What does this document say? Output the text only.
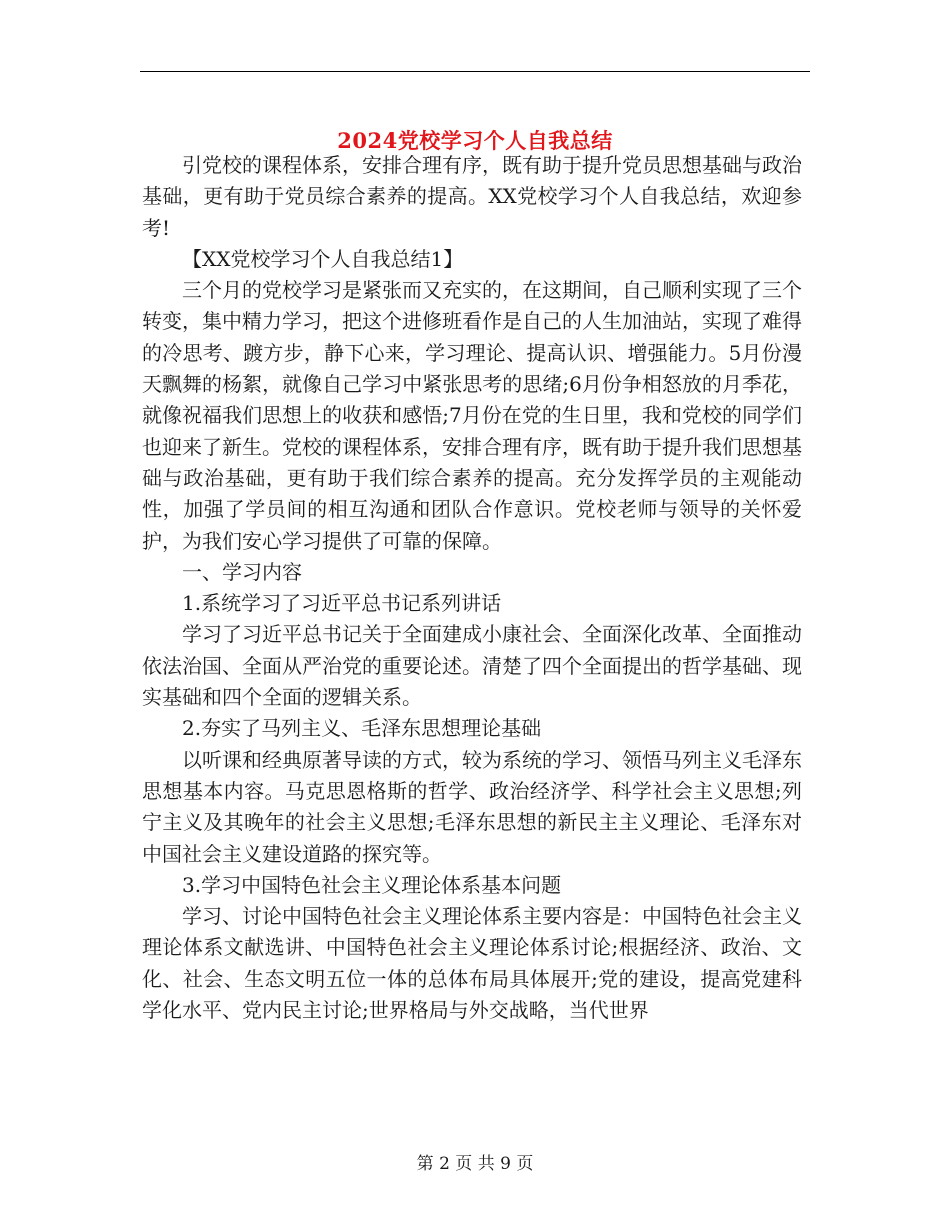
2024党校学习个人自我总结

引党校的课程体系，安排合理有序，既有助于提升党员思想基础与政治基础，更有助于党员综合素养的提高。XX党校学习个人自我总结，欢迎参考!

【XX党校学习个人自我总结1】

三个月的党校学习是紧张而又充实的，在这期间，自己顺利实现了三个转变，集中精力学习，把这个进修班看作是自己的人生加油站，实现了难得的冷思考、踱方步，静下心来，学习理论、提高认识、增强能力。5月份漫天飘舞的杨絮，就像自己学习中紧张思考的思绪;6月份争相怒放的月季花，就像祝福我们思想上的收获和感悟;7月份在党的生日里，我和党校的同学们也迎来了新生。党校的课程体系，安排合理有序，既有助于提升我们思想基础与政治基础，更有助于我们综合素养的提高。充分发挥学员的主观能动性，加强了学员间的相互沟通和团队合作意识。党校老师与领导的关怀爱护，为我们安心学习提供了可靠的保障。

一、学习内容

1.系统学习了习近平总书记系列讲话

学习了习近平总书记关于全面建成小康社会、全面深化改革、全面推动依法治国、全面从严治党的重要论述。清楚了四个全面提出的哲学基础、现实基础和四个全面的逻辑关系。

2.夯实了马列主义、毛泽东思想理论基础

以听课和经典原著导读的方式，较为系统的学习、领悟马列主义毛泽东思想基本内容。马克思恩格斯的哲学、政治经济学、科学社会主义思想;列宁主义及其晚年的社会主义思想;毛泽东思想的新民主主义理论、毛泽东对中国社会主义建设道路的探究等。

3.学习中国特色社会主义理论体系基本问题

学习、讨论中国特色社会主义理论体系主要内容是：中国特色社会主义理论体系文献选讲、中国特色社会主义理论体系讨论;根据经济、政治、文化、社会、生态文明五位一体的总体布局具体展开;党的建设，提高党建科学化水平、党内民主讨论;世界格局与外交战略，当代世界

第 2 页 共 9 页
